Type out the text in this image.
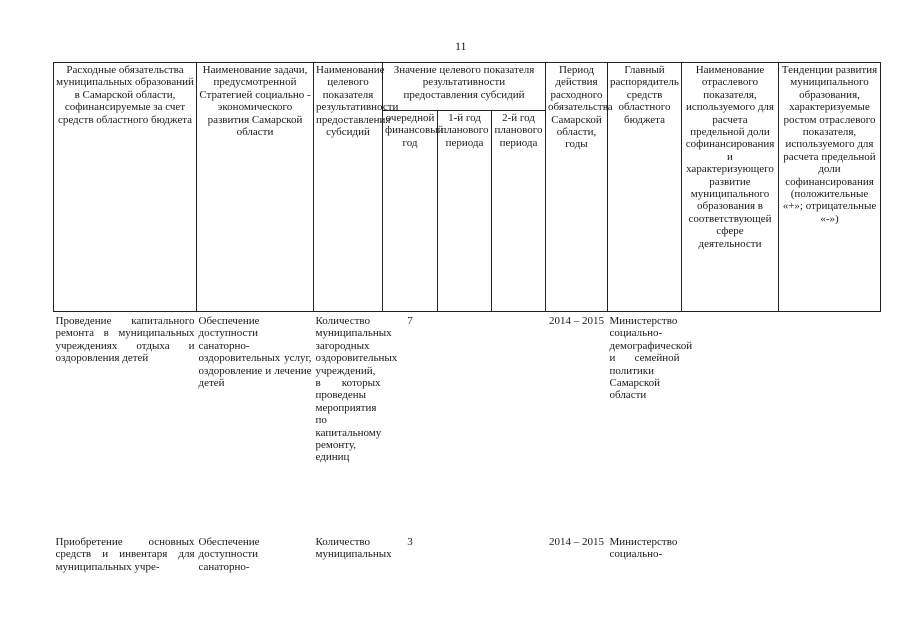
11
Расходные обязательства муниципальных образований в Самарской области, софинансируемые за счет средств областного бюджета	Наименование задачи, предусмотренной Стратегией социально - экономического развития Самарской области	Наименование целевого показателя результативности предоставления субсидий	Значение целевого показателя результативности предоставления субсидий			Период действия расходного обязательства Самарской области, годы	Главный распорядитель средств областного бюджета	Наименование отраслевого показателя, используемого для расчета предельной доли софинансирования и характеризующего развитие муниципального образования в соответствующей сфере деятельности	Тенденции развития муниципального образования, характеризуемые ростом отраслевого показателя, используемого для расчета предельной доли софинансирования (положительные «+»; отрицательные «-»)
			очередной финансовый год	1-й год планового периода	2-й год планового периода				
Проведение капитального ремонта в муниципальных учреждениях отдыха и оздоровления детей	Обеспечение доступности санаторно-оздоровительных услуг, оздоровление и лечение детей	Количество муниципальных загородных оздоровительных учреждений, в которых проведены мероприятия по капитальному ремонту, единиц	7			2014 – 2015	Министерство социально-демографической и семейной политики Самарской области		
Приобретение основных средств и инвентаря для муниципальных учре-	Обеспечение доступности санаторно-	Количество муниципальных	3			2014 – 2015	Министерство социально-		
